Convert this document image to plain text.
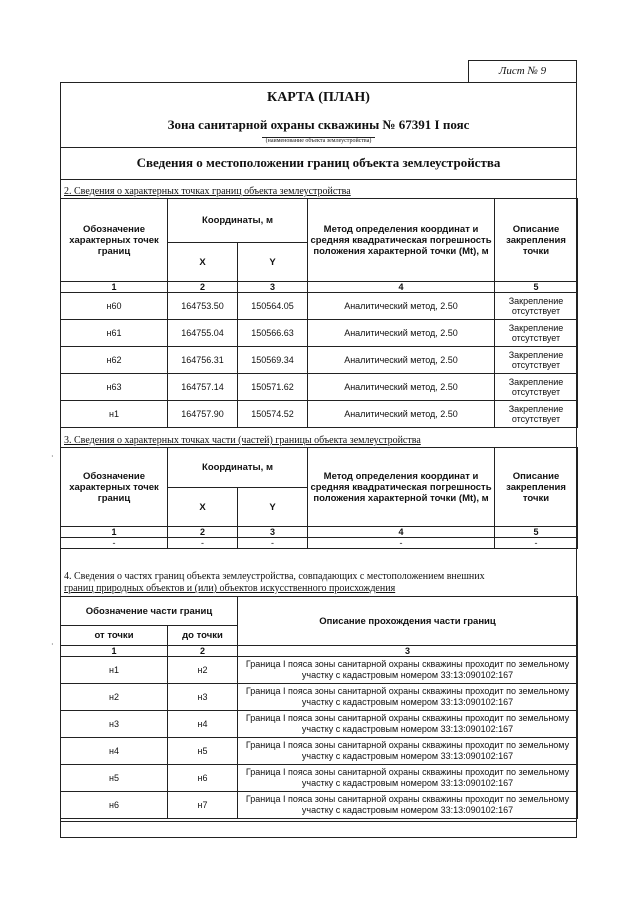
Лист № 9
КАРТА (ПЛАН)
Зона санитарной охраны скважины № 67391 I пояс
(наименование объекта землеустройства)
Сведения о местоположении границ объекта землеустройства
2. Сведения о характерных точках границ объекта землеустройства
Обозначение характерных точек границ	Координаты, м		Метод определения координат и средняя квадратическая погрешность положения характерной точки (Mt), м	Описание закрепления точки
	X	Y		
1	2	3	4	5
н60	164753.50	150564.05	Аналитический метод, 2.50	Закрепление отсутствует
н61	164755.04	150566.63	Аналитический метод, 2.50	Закрепление отсутствует
н62	164756.31	150569.34	Аналитический метод, 2.50	Закрепление отсутствует
н63	164757.14	150571.62	Аналитический метод, 2.50	Закрепление отсутствует
н1	164757.90	150574.52	Аналитический метод, 2.50	Закрепление отсутствует
3. Сведения о характерных точках части (частей) границы объекта землеустройства
·
Обозначение характерных точек границ	Координаты, м		Метод определения координат и средняя квадратическая погрешность положения характерной точки (Mt), м	Описание закрепления точки
	X	Y		
1	2	3	4	5
-	-	-	-	-
4. Сведения о частях границ объекта землеустройства, совпадающих с местоположением внешних
границ природных объектов и (или) объектов искусственного происхождения
·
Обозначение части границ		Описание прохождения части границ
от точки	до точки	
1	2	3
н1	н2	Граница I пояса зоны санитарной охраны скважины проходит по земельному участку с кадастровым номером 33:13:090102:167
н2	н3	Граница I пояса зоны санитарной охраны скважины проходит по земельному участку с кадастровым номером 33:13:090102:167
н3	н4	Граница I пояса зоны санитарной охраны скважины проходит по земельному участку с кадастровым номером 33:13:090102:167
н4	н5	Граница I пояса зоны санитарной охраны скважины проходит по земельному участку с кадастровым номером 33:13:090102:167
н5	н6	Граница I пояса зоны санитарной охраны скважины проходит по земельному участку с кадастровым номером 33:13:090102:167
н6	н7	Граница I пояса зоны санитарной охраны скважины проходит по земельному участку с кадастровым номером 33:13:090102:167
